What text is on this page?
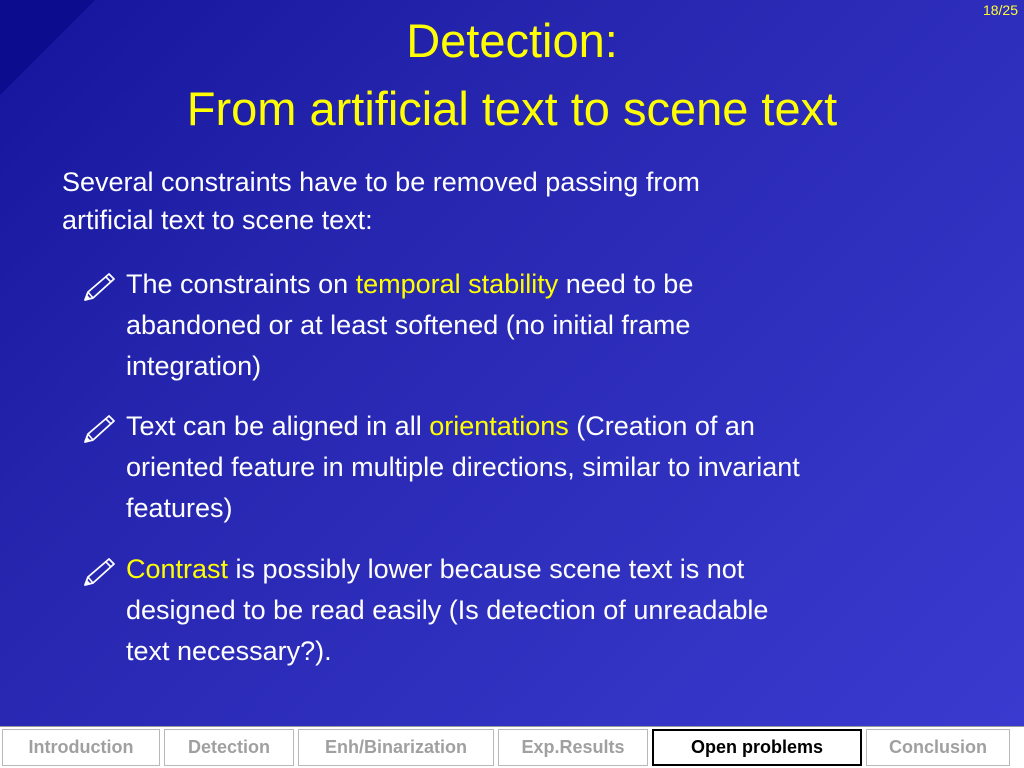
18/25
Detection:
From artificial text to scene text
Several constraints have to be removed passing from
artificial text to scene text:
The constraints on temporal stability need to be
abandoned or at least softened (no initial frame
integration)
Text can be aligned in all orientations (Creation of an
oriented feature in multiple directions, similar to invariant
features)
Contrast is possibly lower because scene text is not
designed to be read easily (Is detection of unreadable
text necessary?).
Introduction	Detection	Enh/Binarization	Exp.Results	Open problems	Conclusion
